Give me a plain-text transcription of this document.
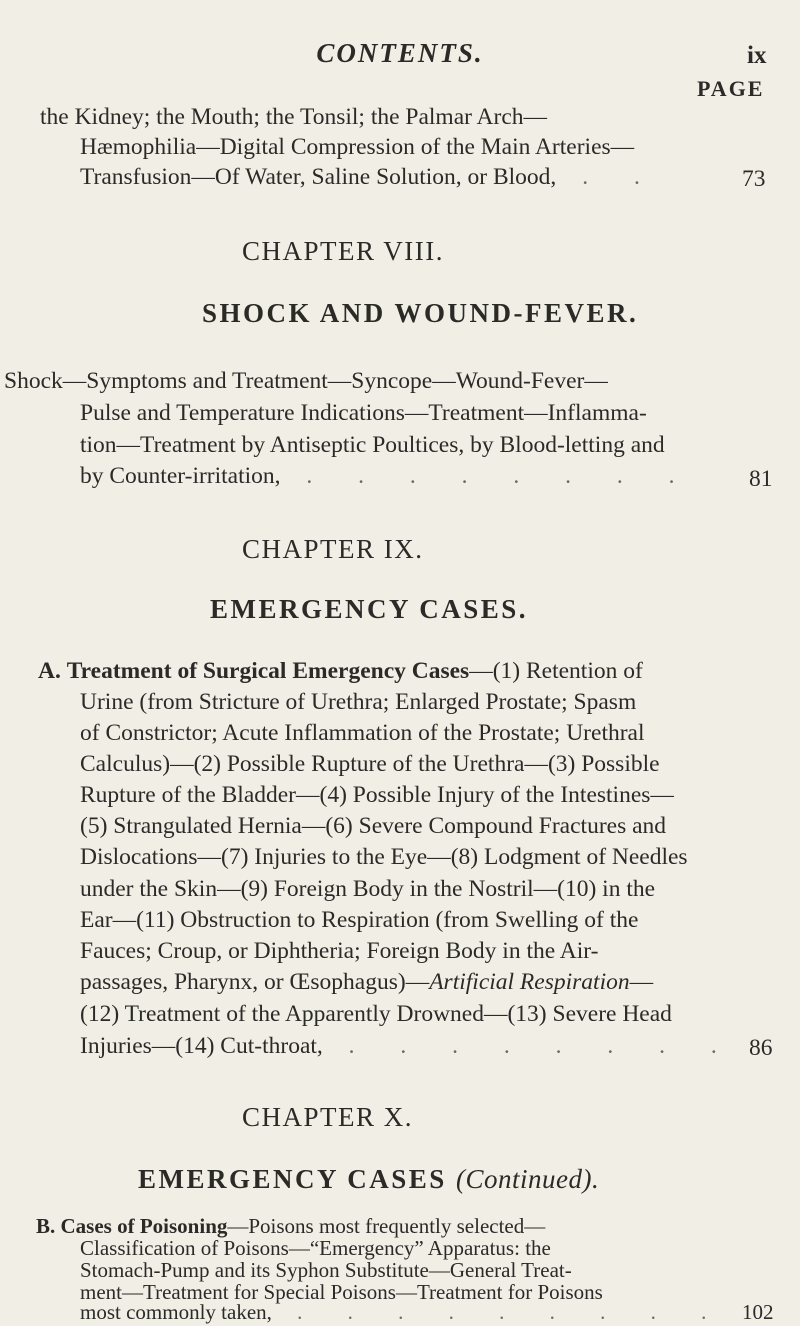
CONTENTS.	ix
PAGE
the Kidney; the Mouth; the Tonsil; the Palmar Arch—
Hæmophilia—Digital Compression of the Main Arteries—
Transfusion—Of Water, Saline Solution, or Blood, . .	73
CHAPTER VIII.
SHOCK AND WOUND-FEVER.
Shock—Symptoms and Treatment—Syncope—Wound-Fever—
Pulse and Temperature Indications—Treatment—Inflamma-
tion—Treatment by Antiseptic Poultices, by Blood-letting and
by Counter-irritation, . . . . . . . . 81
CHAPTER IX.
EMERGENCY CASES.
A. Treatment of Surgical Emergency Cases—(1) Retention of
Urine (from Stricture of Urethra; Enlarged Prostate; Spasm
of Constrictor; Acute Inflammation of the Prostate; Urethral
Calculus)—(2) Possible Rupture of the Urethra—(3) Possible
Rupture of the Bladder—(4) Possible Injury of the Intestines—
(5) Strangulated Hernia—(6) Severe Compound Fractures and
Dislocations—(7) Injuries to the Eye—(8) Lodgment of Needles
under the Skin—(9) Foreign Body in the Nostril—(10) in the
Ear—(11) Obstruction to Respiration (from Swelling of the
Fauces; Croup, or Diphtheria; Foreign Body in the Air-
passages, Pharynx, or Œsophagus)—Artificial Respiration—
(12) Treatment of the Apparently Drowned—(13) Severe Head
Injuries—(14) Cut-throat, . . . . . . . . 86
CHAPTER X.
EMERGENCY CASES (Continued).
B. Cases of Poisoning—Poisons most frequently selected—
Classification of Poisons—“Emergency” Apparatus: the
Stomach-Pump and its Syphon Substitute—General Treat-
ment—Treatment for Special Poisons—Treatment for Poisons
most commonly taken, . . . . . . . . . 102
